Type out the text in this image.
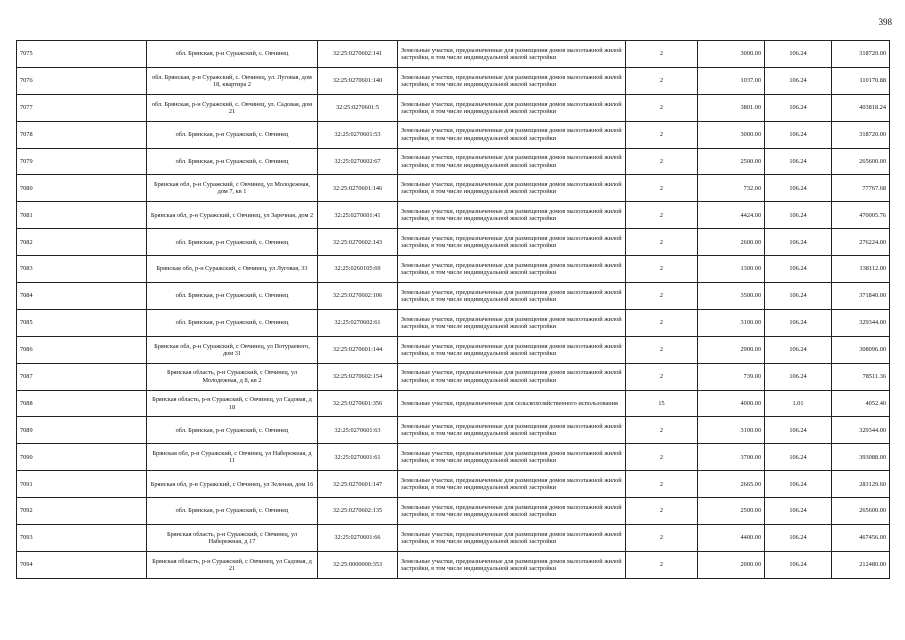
398
7075	обл. Брянская, р-н Суражский, с. Овчинец	32:25:0270602:141	Земельные участки, предназначенные для размещения домов малоэтажной жилой застройки, в том числе индивидуальной жилой застройки	2	3000.00	106.24	318720.00
7076	обл. Брянская, р-н Суражский, с. Овчинец, ул. Луговая, дом 18, квартира 2	32:25:0270601:140	Земельные участки, предназначенные для размещения домов малоэтажной жилой застройки, в том числе индивидуальной жилой застройки	2	1037.00	106.24	110170.88
7077	обл. Брянская, р-н Суражский, с. Овчинец, ул. Садовая, дом 21	32:25:0270601:5	Земельные участки, предназначенные для размещения домов малоэтажной жилой застройки, в том числе индивидуальной жилой застройки	2	3801.00	106.24	403818.24
7078	обл. Брянская, р-н Суражский, с. Овчинец	32:25:0270601:53	Земельные участки, предназначенные для размещения домов малоэтажной жилой застройки, в том числе индивидуальной жилой застройки	2	3000.00	106.24	318720.00
7079	обл. Брянская, р-н Суражский, с. Овчинец	32:25:0270602:67	Земельные участки, предназначенные для размещения домов малоэтажной жилой застройки, в том числе индивидуальной жилой застройки	2	2500.00	106.24	265600.00
7080	Брянская обл, р-н Суражский, с Овчинец, ул Молодежная, дом 7, кв 1	32:25:0270601:146	Земельные участки, предназначенные для размещения домов малоэтажной жилой застройки, в том числе индивидуальной жилой застройки	2	732.00	106.24	77767.68
7081	Брянская обл, р-н Суражский, с Овчинец, ул Заречная, дом 2	32:25:0270601:41	Земельные участки, предназначенные для размещения домов малоэтажной жилой застройки, в том числе индивидуальной жилой застройки	2	4424.00	106.24	470005.76
7082	обл. Брянская, р-н Суражский, с. Овчинец	32:25:0270602:143	Земельные участки, предназначенные для размещения домов малоэтажной жилой застройки, в том числе индивидуальной жилой застройки	2	2600.00	106.24	276224.00
7083	Брянская обл, р-н Суражский, с Овчинец, ул Луговая, 33	32:25:0260105:69	Земельные участки, предназначенные для размещения домов малоэтажной жилой застройки, в том числе индивидуальной жилой застройки	2	1300.00	106.24	138112.00
7084	обл. Брянская, р-н Суражский, с. Овчинец	32:25:0270602:106	Земельные участки, предназначенные для размещения домов малоэтажной жилой застройки, в том числе индивидуальной жилой застройки	2	3500.00	106.24	371840.00
7085	обл. Брянская, р-н Суражский, с. Овчинец	32:25:0270602:61	Земельные участки, предназначенные для размещения домов малоэтажной жилой застройки, в том числе индивидуальной жилой застройки	2	3100.00	106.24	329344.00
7086	Брянская обл, р-н Суражский, с Овчинец, ул Потураевого, дом 31	32:25:0270601:144	Земельные участки, предназначенные для размещения домов малоэтажной жилой застройки, в том числе индивидуальной жилой застройки	2	2900.00	106.24	308096.00
7087	Брянская область, р-н Суражский, с Овчинец, ул Молодежная, д 8, кв 2	32:25:0270602:154	Земельные участки, предназначенные для размещения домов малоэтажной жилой застройки, в том числе индивидуальной жилой застройки	2	739.00	106.24	78511.36
7088	Брянская область, р-н Суражский, с Овчинец, ул Садовая, д 18	32:25:0270601:356	Земельные участки, предназначенные для сельскохозяйственного использования	15	4000.00	1.01	4052.40
7089	обл. Брянская, р-н Суражский, с. Овчинец	32:25:0270601:63	Земельные участки, предназначенные для размещения домов малоэтажной жилой застройки, в том числе индивидуальной жилой застройки	2	3100.00	106.24	329344.00
7090	Брянская обл, р-н Суражский, с Овчинец, ул Набережная, д 11	32:25:0270601:61	Земельные участки, предназначенные для размещения домов малоэтажной жилой застройки, в том числе индивидуальной жилой застройки	2	3700.00	106.24	393088.00
7091	Брянская обл, р-н Суражский, с Овчинец, ул Зеленая, дом 16	32:25:0270601:147	Земельные участки, предназначенные для размещения домов малоэтажной жилой застройки, в том числе индивидуальной жилой застройки	2	2665.00	106.24	283129.60
7092	обл. Брянская, р-н Суражский, с. Овчинец	32:25:0270602:135	Земельные участки, предназначенные для размещения домов малоэтажной жилой застройки, в том числе индивидуальной жилой застройки	2	2500.00	106.24	265600.00
7093	Брянская область, р-н Суражский, с Овчинец, ул Набережная, д 17	32:25:0270601:66	Земельные участки, предназначенные для размещения домов малоэтажной жилой застройки, в том числе индивидуальной жилой застройки	2	4400.00	106.24	467456.00
7094	Брянская область, р-н Суражский, с Овчинец, ул Садовая, д 21	32:25:0000000:353	Земельные участки, предназначенные для размещения домов малоэтажной жилой застройки, в том числе индивидуальной жилой застройки	2	2000.00	106.24	212480.00
